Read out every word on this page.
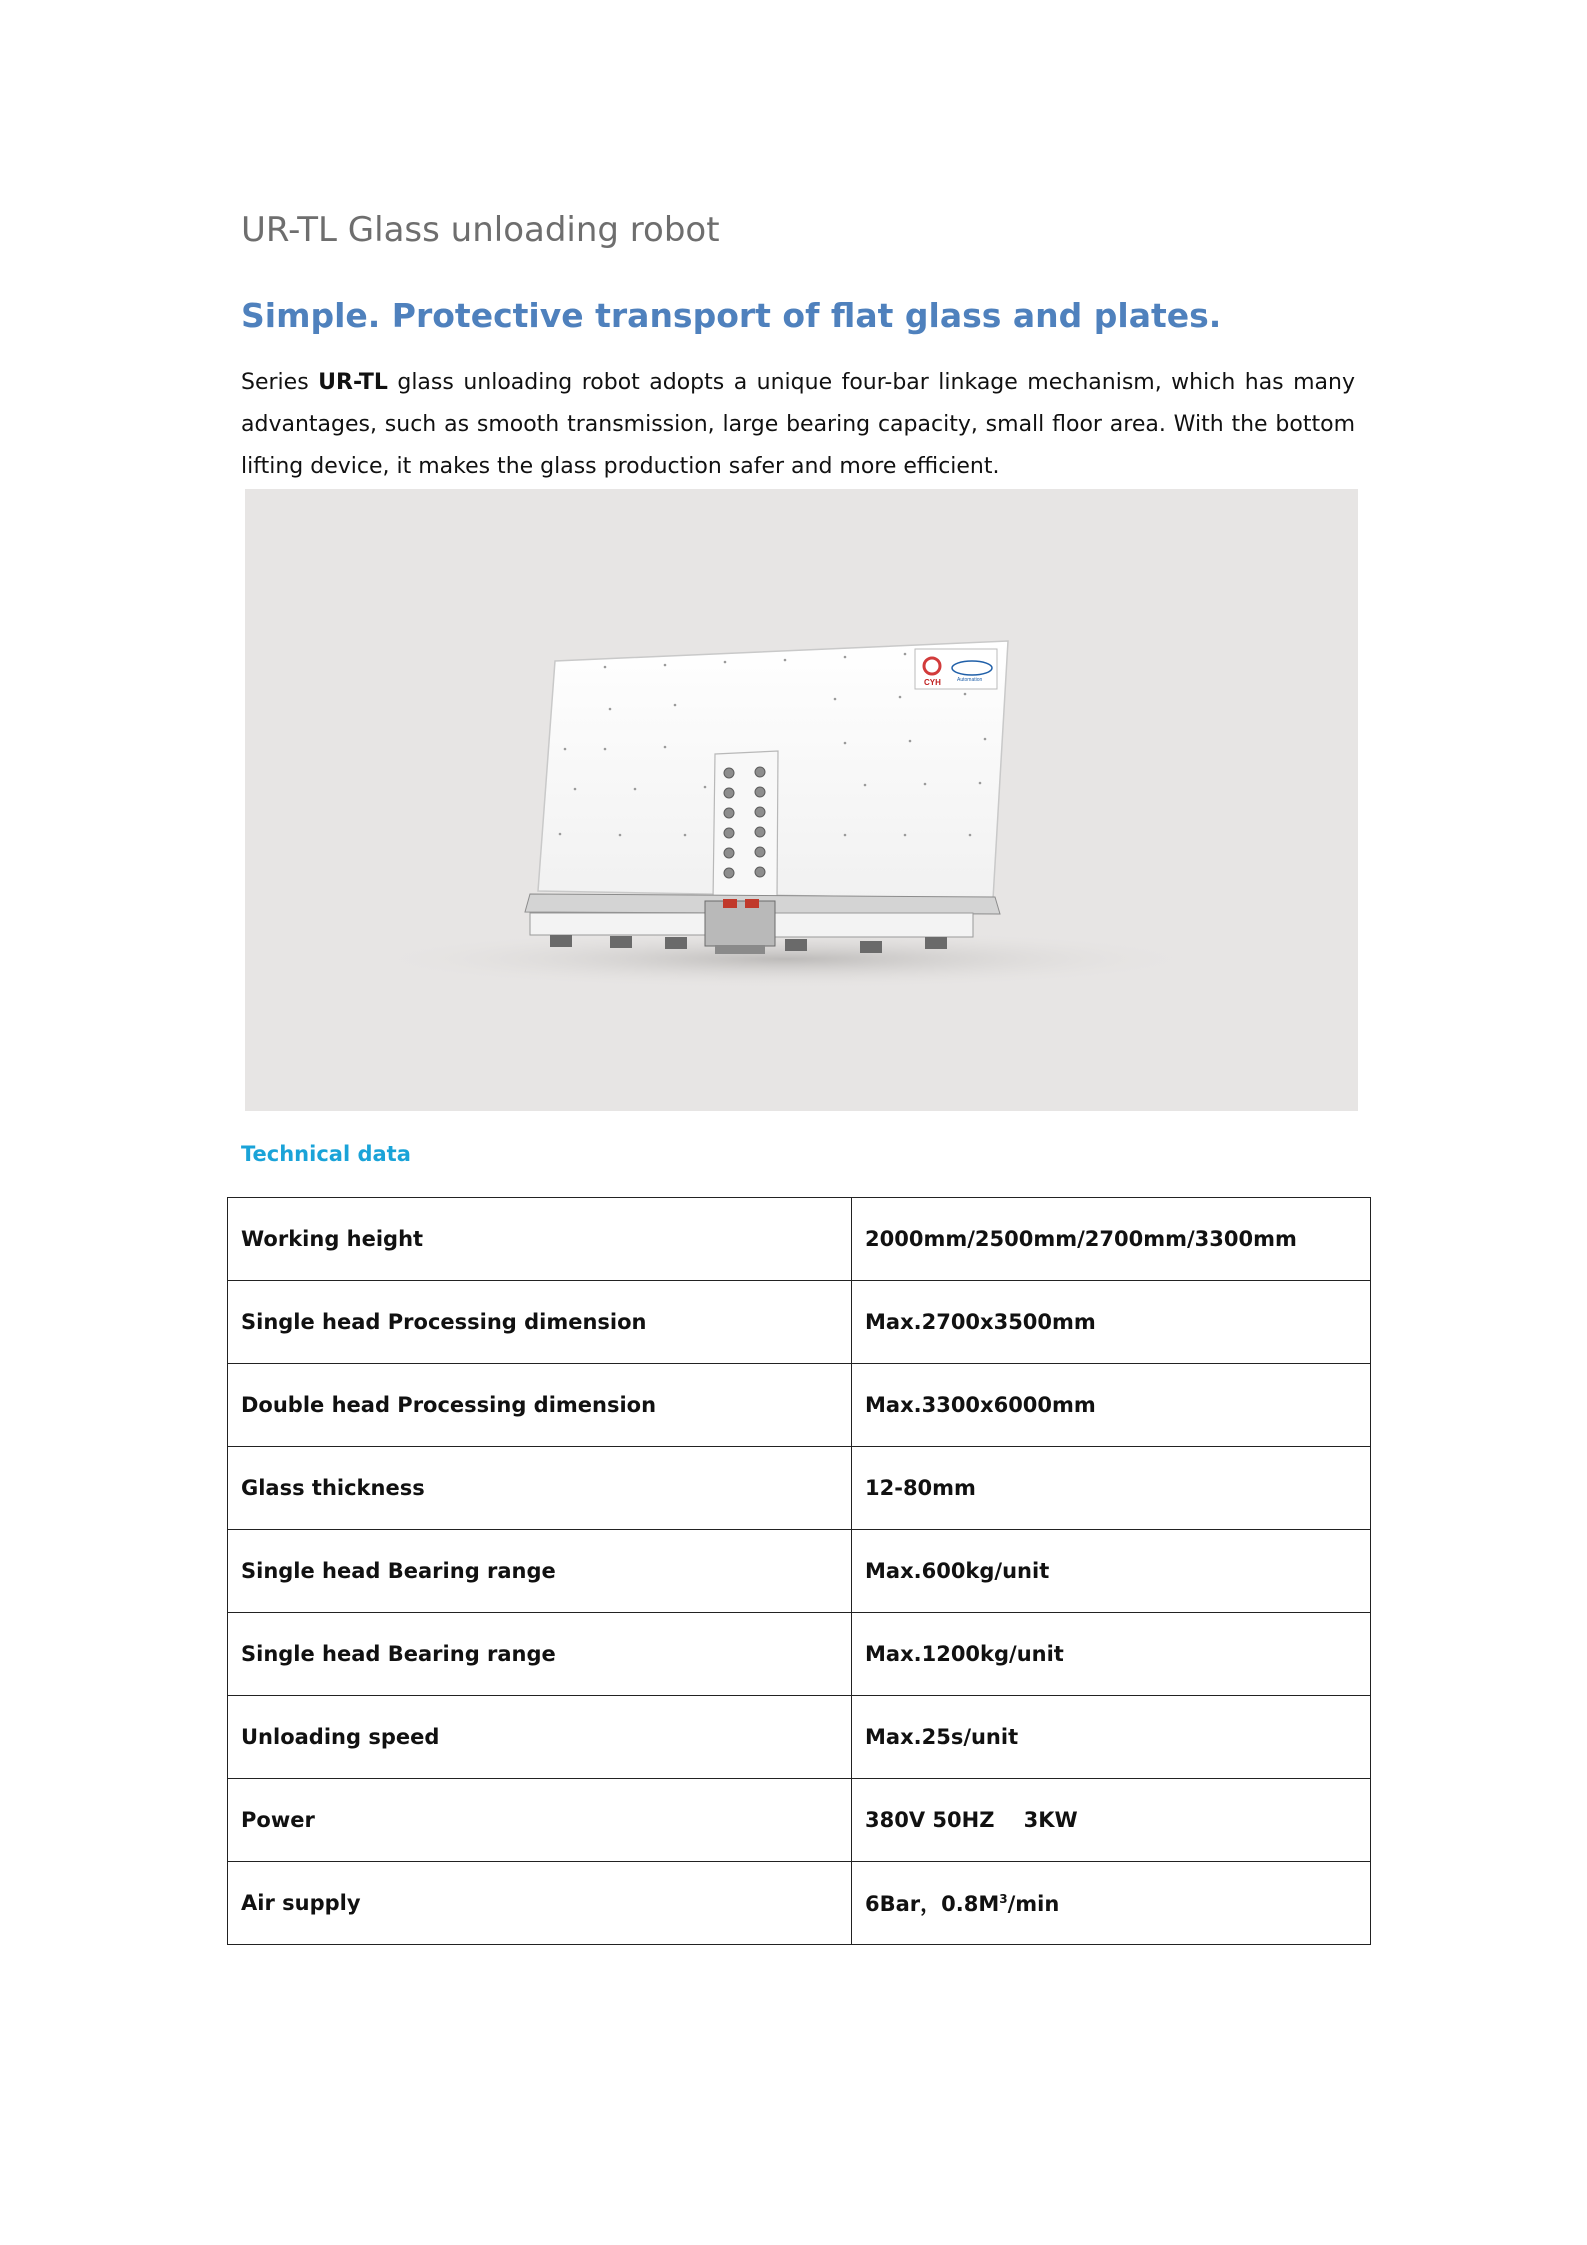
UR-TL Glass unloading robot
Simple. Protective transport of flat glass and plates.
Series UR-TL glass unloading robot adopts a unique four-bar linkage mechanism, which has many advantages, such as smooth transmission, large bearing capacity, small floor area. With the bottom lifting device, it makes the glass production safer and more efficient.
CYH	Automation
Technical data
Working height	2000mm/2500mm/2700mm/3300mm
Single head Processing dimension	Max.2700x3500mm
Double head Processing dimension	Max.3300x6000mm
Glass thickness	12-80mm
Single head Bearing range	Max.600kg/unit
Single head Bearing range	Max.1200kg/unit
Unloading speed	Max.25s/unit
Power	380V 50HZ    3KW
Air supply	6Bar，$0.8M^3/\min$
